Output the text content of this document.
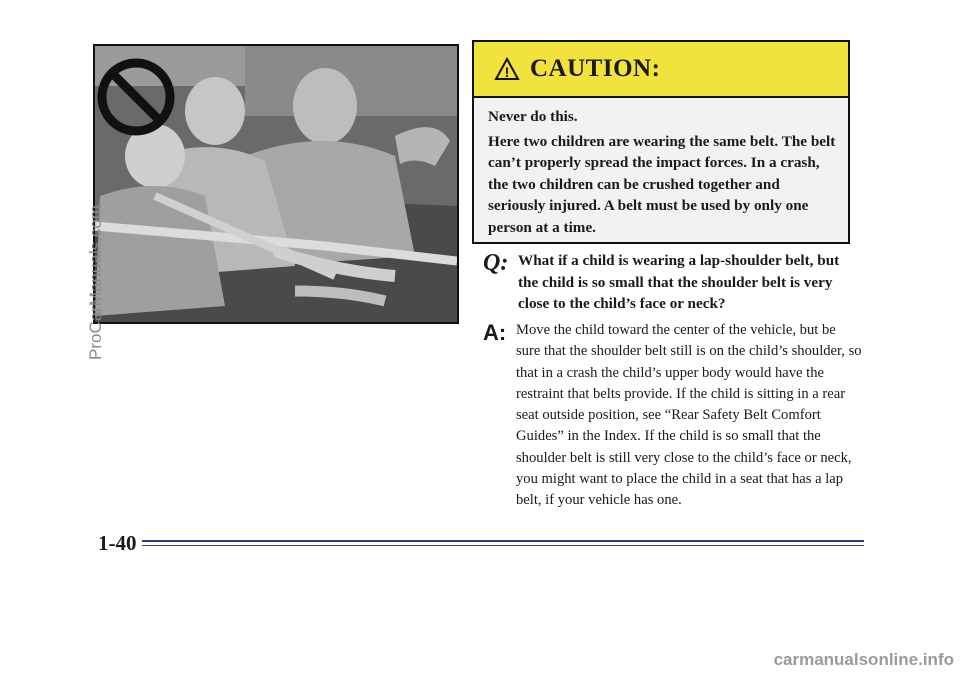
! CAUTION:

Never do this.

Here two children are wearing the same belt. The belt can’t properly spread the impact forces. In a crash, the two children can be crushed together and seriously injured. A belt must be used by only one person at a time.

Q: What if a child is wearing a lap-shoulder belt, but the child is so small that the shoulder belt is very close to the child’s face or neck?
A: Move the child toward the center of the vehicle, but be sure that the shoulder belt still is on the child’s shoulder, so that in a crash the child’s upper body would have the restraint that belts provide. If the child is sitting in a rear seat outside position, see “Rear Safety Belt Comfort Guides” in the Index. If the child is so small that the shoulder belt is still very close to the child’s face or neck, you might want to place the child in a seat that has a lap belt, if your vehicle has one.
1-40
ProCarManuals.com
carmanualsonline.info
